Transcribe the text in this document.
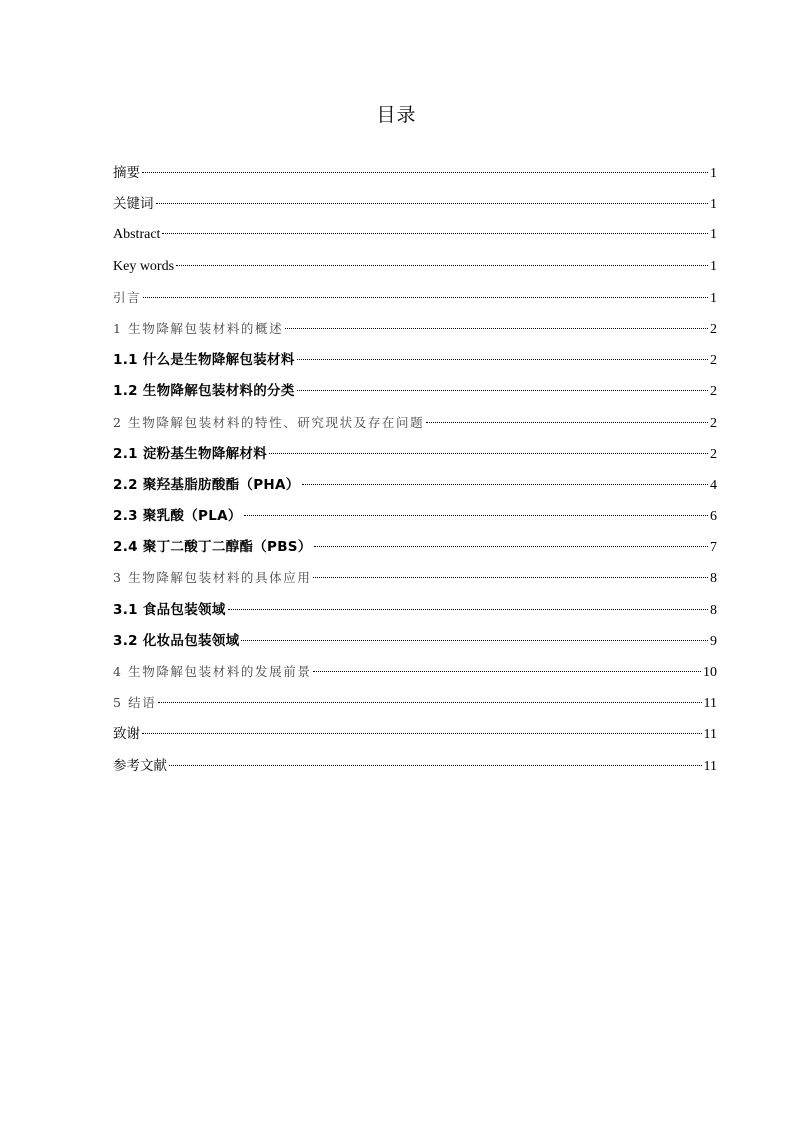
目录
摘要	1
关键词	1
Abstract	1
Key words	1
引言	1
1 生物降解包装材料的概述	2
1.1 什么是生物降解包装材料	2
1.2 生物降解包装材料的分类	2
2 生物降解包装材料的特性、研究现状及存在问题	2
2.1 淀粉基生物降解材料	2
2.2 聚羟基脂肪酸酯（PHA）	4
2.3 聚乳酸（PLA）	6
2.4 聚丁二酸丁二醇酯（PBS）	7
3 生物降解包装材料的具体应用	8
3.1 食品包装领域	8
3.2 化妆品包装领域	9
4 生物降解包装材料的发展前景	10
5 结语	11
致谢	11
参考文献	11
